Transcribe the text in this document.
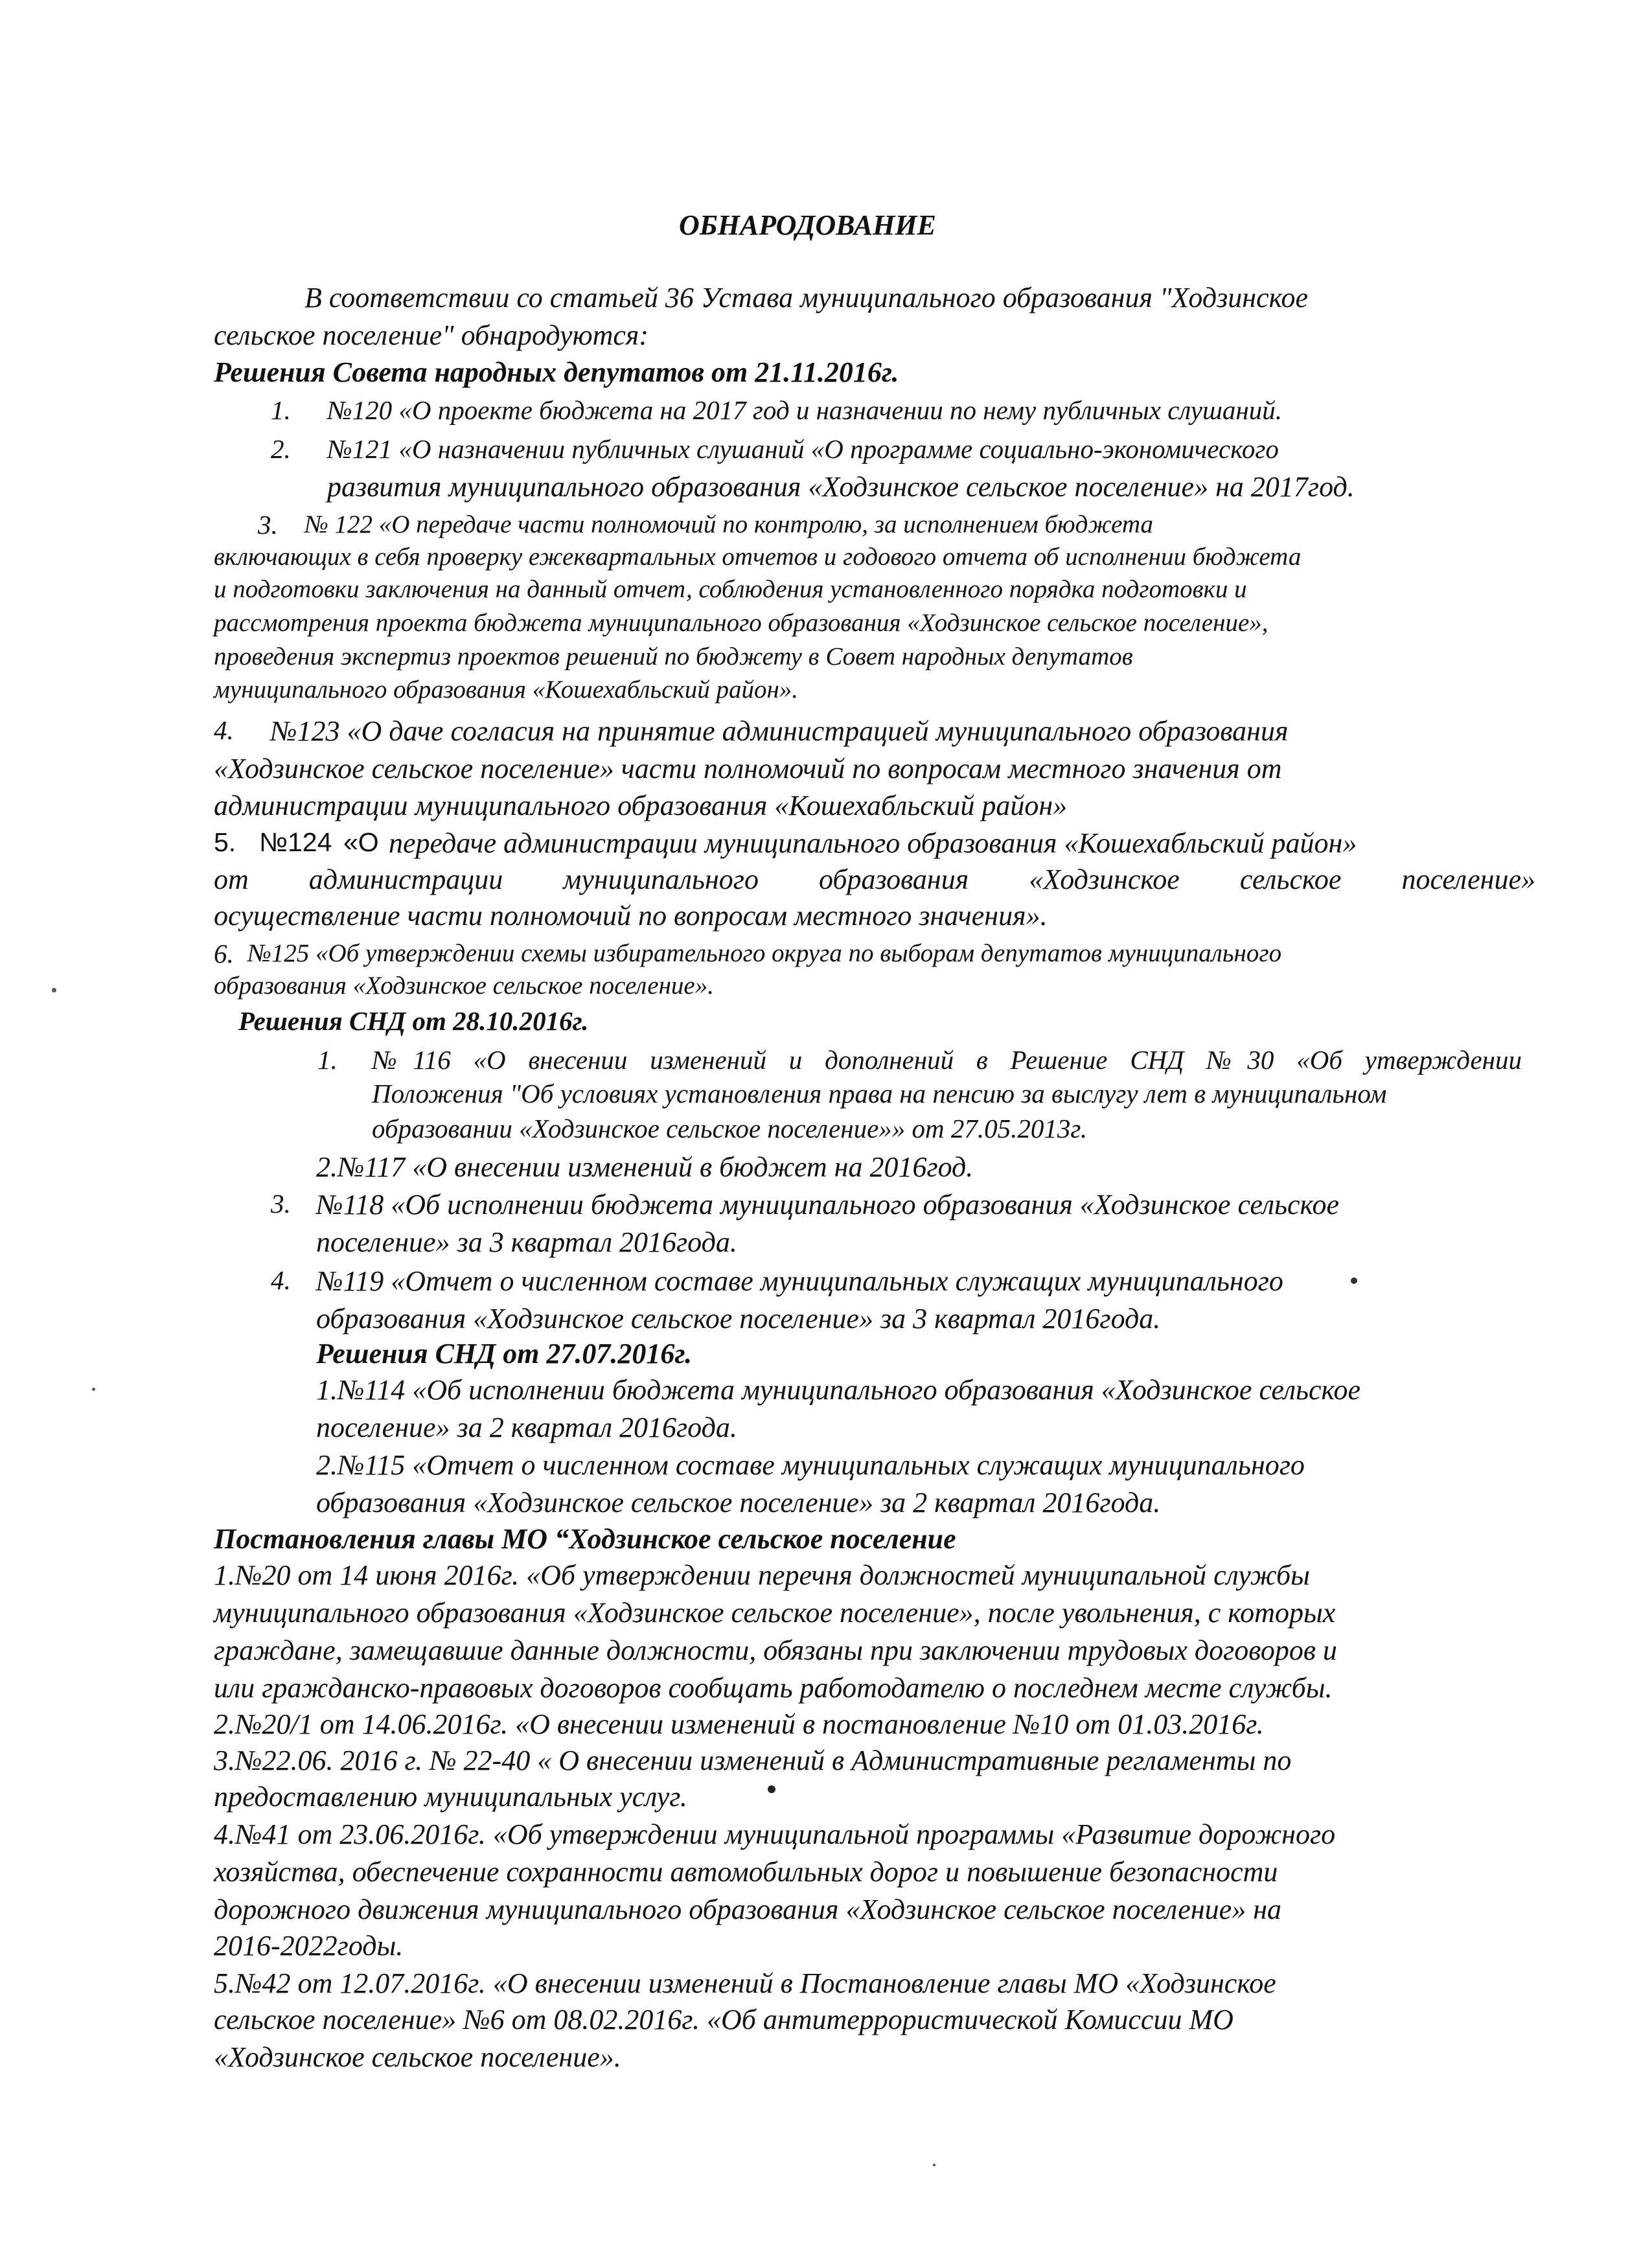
ОБНАРОДОВАНИЕ
В соответствии со статьей 36 Устава муниципального образования "Ходзинское
сельское поселение" обнародуются:
Решения Совета народных депутатов от 21.11.2016г.
1. №120 «О проекте бюджета на 2017 год и назначении по нему публичных слушаний.
2. №121 «О назначении публичных слушаний «О программе социально-экономического
развития муниципального образования «Ходзинское сельское поселение» на 2017год.
3. № 122 «О передаче части полномочий по контролю, за исполнением бюджета
включающих в себя проверку ежеквартальных отчетов и годового отчета об исполнении бюджета
и подготовки заключения на данный отчет, соблюдения установленного порядка подготовки и
рассмотрения проекта бюджета муниципального образования «Ходзинское сельское поселение»,
проведения экспертиз проектов решений по бюджету в Совет народных депутатов
муниципального образования «Кошехабльский район».
4. №123 «О даче согласия на принятие администрацией муниципального образования
«Ходзинское сельское поселение» части полномочий по вопросам местного значения от
администрации муниципального образования «Кошехабльский район»
5. №124 «О передаче администрации муниципального образования «Кошехабльский район»
от администрации муниципального образования «Ходзинское сельское поселение»
осуществление части полномочий по вопросам местного значения».
6. №125 «Об утверждении схемы избирательного округа по выборам депутатов муниципального
образования «Ходзинское сельское поселение».
Решения СНД от 28.10.2016г.
1. №116 «О внесении изменений и дополнений в Решение СНД №30 «Об утверждении
Положения "Об условиях установления права на пенсию за выслугу лет в муниципальном
образовании «Ходзинское сельское поселение»» от 27.05.2013г.
2.№117 «О внесении изменений в бюджет на 2016год.
3. №118 «Об исполнении бюджета муниципального образования «Ходзинское сельское
поселение» за 3 квартал 2016года.
4. №119 «Отчет о численном составе муниципальных служащих муниципального
образования «Ходзинское сельское поселение» за 3 квартал 2016года.
Решения СНД от 27.07.2016г.
1.№114 «Об исполнении бюджета муниципального образования «Ходзинское сельское
поселение» за 2 квартал 2016года.
2.№115 «Отчет о численном составе муниципальных служащих муниципального
образования «Ходзинское сельское поселение» за 2 квартал 2016года.
Постановления главы МО “Ходзинское сельское поселение
1.№20 от 14 июня 2016г. «Об утверждении перечня должностей муниципальной службы
муниципального образования «Ходзинское сельское поселение», после увольнения, с которых
граждане, замещавшие данные должности, обязаны при заключении трудовых договоров и
или гражданско-правовых договоров сообщать работодателю о последнем месте службы.
2.№20/1 от 14.06.2016г. «О внесении изменений в постановление №10 от 01.03.2016г.
3.№22.06. 2016 г. № 22-40 « О внесении изменений в Административные регламенты по
предоставлению муниципальных услуг.
4.№41 от 23.06.2016г. «Об утверждении муниципальной программы «Развитие дорожного
хозяйства, обеспечение сохранности автомобильных дорог и повышение безопасности
дорожного движения муниципального образования «Ходзинское сельское поселение» на
2016-2022годы.
5.№42 от 12.07.2016г. «О внесении изменений в Постановление главы МО «Ходзинское
сельское поселение» №6 от 08.02.2016г. «Об антитеррористической Комиссии МО
«Ходзинское сельское поселение».
